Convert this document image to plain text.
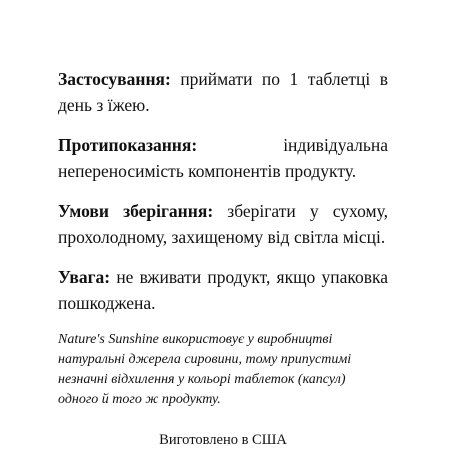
Застосування: приймати по 1 таблетці в день з їжею.

Протипоказання: індивідуальна непереносимість компонентів продукту.

Умови зберігання: зберігати у сухому, прохолодному, захищеному від світла місці.

Увага: не вживати продукт, якщо упаковка пошкоджена.

Nature's Sunshine використовує у виробництві натуральні джерела сировини, тому припустимі незначні відхилення у кольорі таблеток (капсул) одного й того ж продукту.

Виготовлено в США
